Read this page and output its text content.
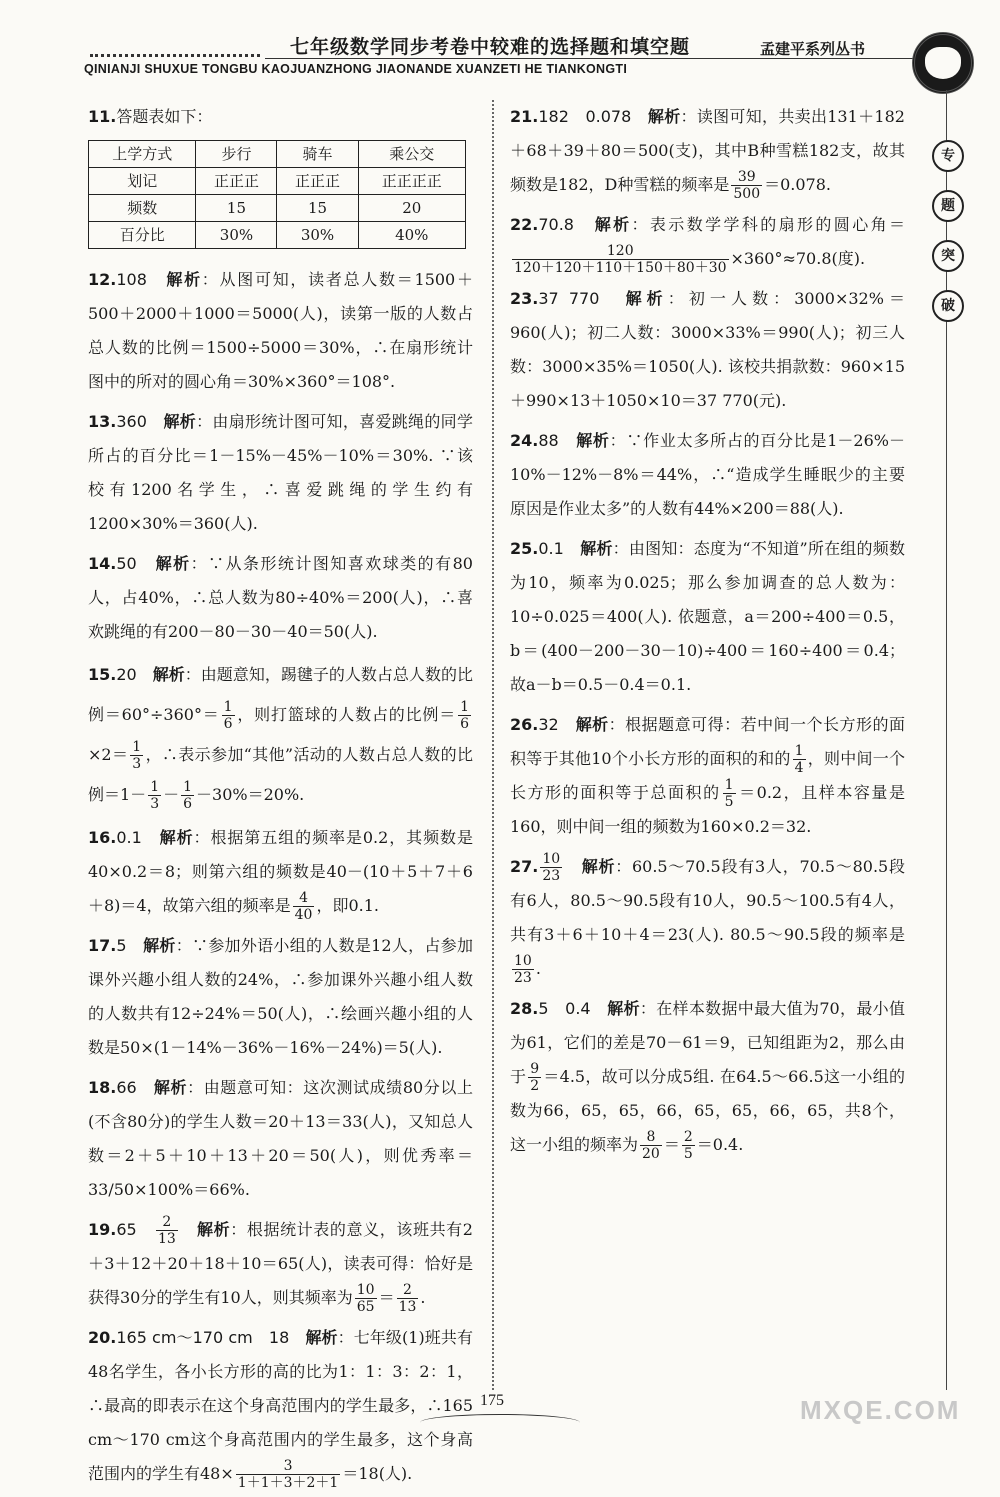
七年级数学同步考卷中较难的选择题和填空题	孟建平系列丛书
QINIANJI SHUXUE TONGBU KAOJUANZHONG JIAONANDE XUANZETI HE TIANKONGTI
专
题
突
破
11.答题表如下：
上学方式	步行	骑车	乘公交
划记	正正正	正正正	正正正正
频数	15	15	20
百分比	30%	30%	40%
12.108　 解析：从图可知，读者总人数＝1500＋500＋2000＋1000＝5000(人)，读第一版的人数占总人数的比例＝1500÷5000＝30%，∴在扇形统计图中的所对的圆心角＝30%×360°＝108°.
13.360　 解析：由扇形统计图可知，喜爱跳绳的同学所占的百分比＝1－15%－45%－10%＝30%. ∵该校有1200名学生，∴喜爱跳绳的学生约有1200×30%＝360(人).
14.50　 解析：∵从条形统计图知喜欢球类的有80人，占40%，∴总人数为80÷40%＝200(人)，∴喜欢跳绳的有200－80－30－40＝50(人).
15.20　 解析：由题意知，踢毽子的人数占总人数的比例$=60^\circ\div 360^\circ= \frac{1}{6}$ ，则打篮球的人数占的比例＝ $\frac{1}{6}$
$\times 2= \frac{1}{3}$ ，∴表示参加“其他”活动的人数占总人数的比例$=1- \frac{1}{3} - \frac{1}{6} -30\%=20\%$.
16.0.1　 解析：根据第五组的频率是0.2，其频数是40×0.2＝8；则第六组的频数是40－(10＋5＋7＋6＋8)＝4，故第六组的频率是 $\frac{4}{40}$ ，即0.1.
17.5　 解析：∵参加外语小组的人数是12人，占参加课外兴趣小组人数的24%，∴参加课外兴趣小组人数的人数共有12÷24%＝50(人)，∴绘画兴趣小组的人数是50×(1－14%－36%－16%－24%)＝5(人).
18.66　 解析：由题意可知：这次测试成绩80分以上(不含80分)的学生人数＝20＋13＝33(人)，又知总人数＝2＋5＋10＋13＋20＝50(人)，则优秀率＝33/50×100%＝66%.
19.65　 $\frac{2}{13}$
　 解析：根据统计表的意义，该班共有2＋3＋12＋20＋18＋10＝65(人)，读表可得：恰好是获得30分的学生有10人，则其频率为 $\frac{10}{65} = \frac{2}{13}$ .
20.165 cm～170 cm　18　 解析：七年级(1)班共有48名学生，各小长方形的高的比为1：1：3：2：1，∴最高的即表示在这个身高范围内的学生最多，∴165 cm～170 cm这个身高范围内的学生最多，这个身高范围内的学生有$48\times \frac{3}{1+1+3+2+1} =18$(人).
21.182　0.078　 解析：读图可知，共卖出131＋182＋68＋39＋80＝500(支)，其中B种雪糕182支，故其频数是182，D种雪糕的频率是 $\frac{39}{500} =0.078$.
22.70.8　 解析：表示数学学科的扇形的圆心角＝
$\frac{120}{120+120+110+150+80+30} \times 360^\circ\approx 70.8$(度).
23.37 770　 解析：初一人数：3000×32%＝960(人)；初二人数：3000×33%＝990(人)；初三人数：3000×35%＝1050(人). 该校共捐款数：960×15＋990×13＋1050×10＝37 770(元).
24.88　 解析：∵作业太多所占的百分比是1－26%－10%－12%－8%＝44%，∴“造成学生睡眠少的主要原因是作业太多”的人数有44%×200＝88(人).
25.0.1　 解析：由图知：态度为“不知道”所在组的频数为10，频率为0.025；那么参加调查的总人数为：10÷0.025＝400(人). 依题意，a＝200÷400＝0.5，b＝(400－200－30－10)÷400＝160÷400＝0.4；故a－b＝0.5－0.4＝0.1.
26.32　 解析：根据题意可得：若中间一个长方形的面积等于其他10个小长方形的面积的和的 $\frac{1}{4}$ ，则中间一个长方形的面积等于总面积的 $\frac{1}{5} =0.2$，且样本容量是160，则中间一组的频数为160×0.2＝32.
27. $\frac{10}{23}$
　 解析：60.5～70.5段有3人，70.5～80.5段有6人，80.5～90.5段有10人，90.5～100.5有4人，共有3＋6＋10＋4＝23(人). 80.5～90.5段的频率是
$\frac{10}{23}$ .
28.5　0.4　 解析：在样本数据中最大值为70，最小值为61，它们的差是70－61＝9，已知组距为2，那么由于 $\frac{9}{2} =4.5$，故可以分成5组. 在64.5～66.5这一小组的数为66，65，65，66，65，65，66，65，共8个，这一小组的频率为 $\frac{8}{20} = \frac{2}{5} =0.4$.
175	MXQE.COM
